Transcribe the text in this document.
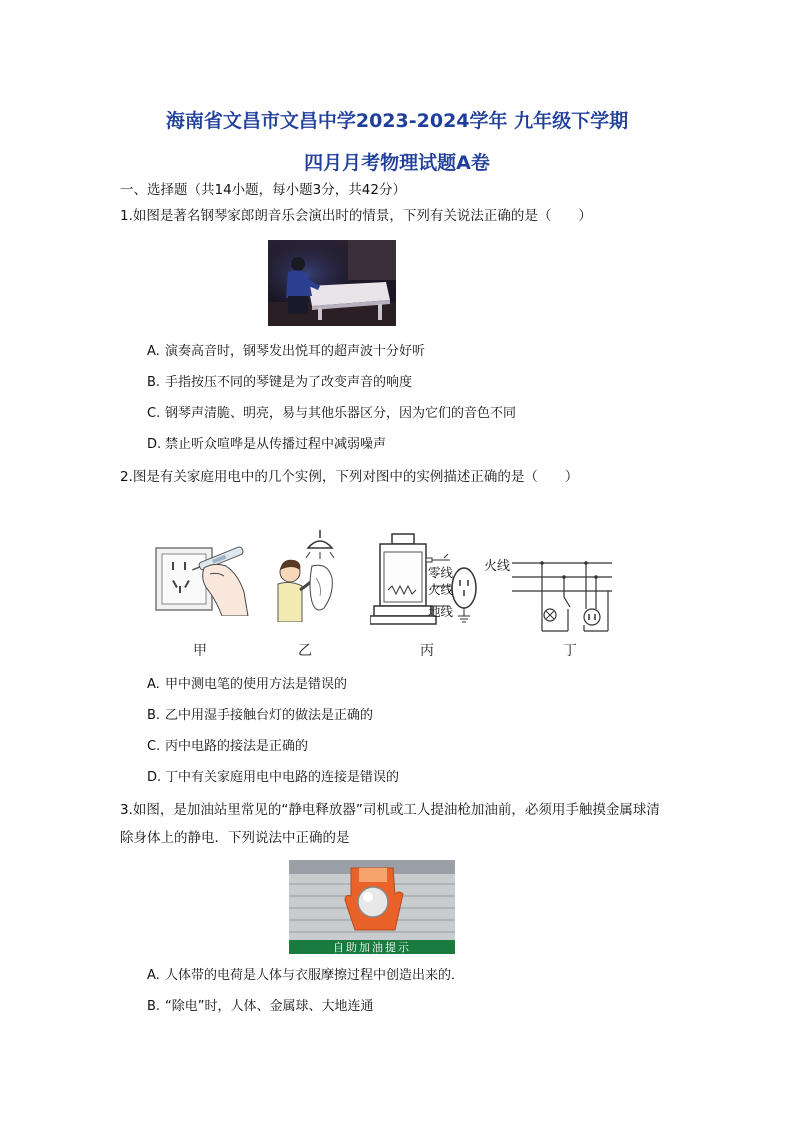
海南省文昌市文昌中学2023-2024学年 九年级下学期
四月月考物理试题A卷
一、选择题（共14小题，每小题3分，共42分）
1.如图是著名钢琴家郎朗音乐会演出时的情景，下列有关说法正确的是（　　）
A. 演奏高音时，钢琴发出悦耳的超声波十分好听
B. 手指按压不同的琴键是为了改变声音的响度
C. 钢琴声清脆、明亮，易与其他乐器区分，因为它们的音色不同
D. 禁止听众喧哗是从传播过程中减弱噪声
2.图是有关家庭用电中的几个实例，下列对图中的实例描述正确的是（　　）
甲	乙
零线
火线
地线
丙
火线
丁
A. 甲中测电笔的使用方法是错误的
B. 乙中用湿手接触台灯的做法是正确的
C. 丙中电路的接法是正确的
D. 丁中有关家庭用电中电路的连接是错误的
3.如图，是加油站里常见的“静电释放器”司机或工人提油枪加油前，必须用手触摸金属球清
除身体上的静电．下列说法中正确的是
自助加油提示
A. 人体带的电荷是人体与衣服摩擦过程中创造出来的．
B. “除电”时，人体、金属球、大地连通
